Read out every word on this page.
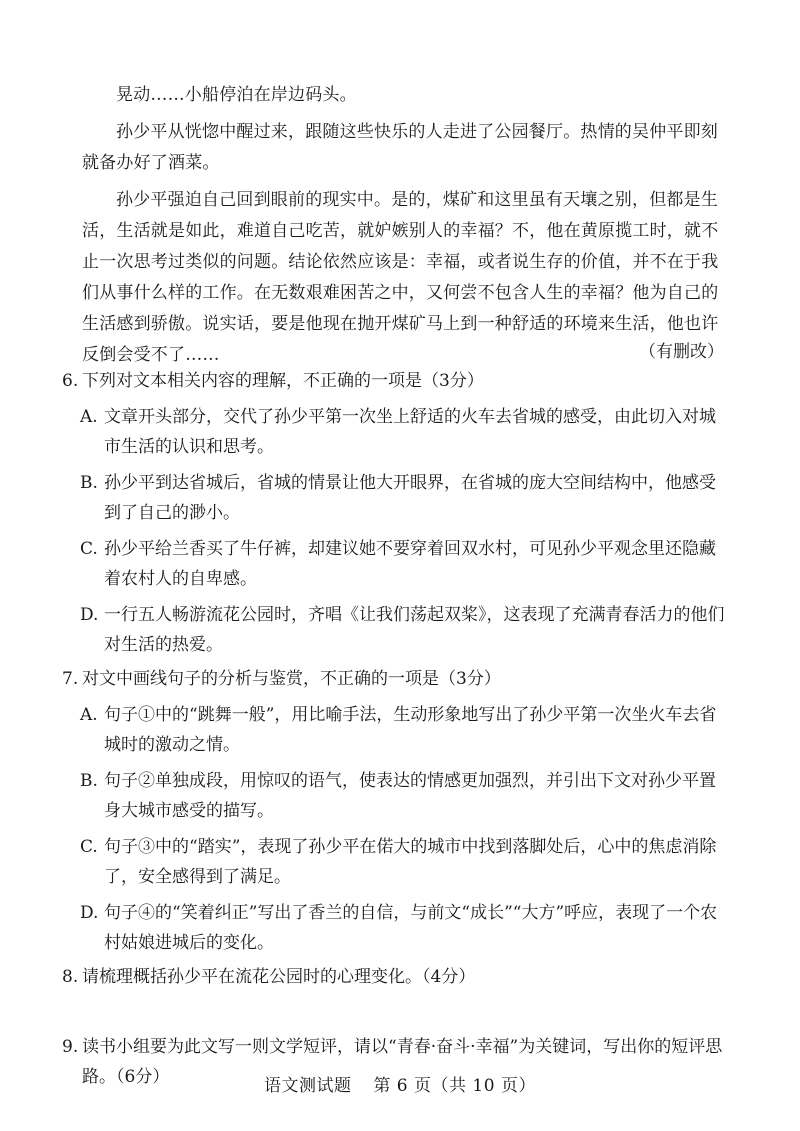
晃动……小船停泊在岸边码头。

孙少平从恍惚中醒过来，跟随这些快乐的人走进了公园餐厅。热情的吴仲平即刻就备办好了酒菜。

孙少平强迫自己回到眼前的现实中。是的，煤矿和这里虽有天壤之别，但都是生活，生活就是如此，难道自己吃苦，就妒嫉别人的幸福？不，他在黄原揽工时，就不止一次思考过类似的问题。结论依然应该是：幸福，或者说生存的价值，并不在于我们从事什么样的工作。在无数艰难困苦之中，又何尝不包含人生的幸福？他为自己的生活感到骄傲。说实话，要是他现在抛开煤矿马上到一种舒适的环境来生活，他也许反倒会受不了……	（有删改）
6. 下列对文本相关内容的理解，不正确的一项是（3分）
A. 文章开头部分，交代了孙少平第一次坐上舒适的火车去省城的感受，由此切入对城市生活的认识和思考。
B. 孙少平到达省城后，省城的情景让他大开眼界，在省城的庞大空间结构中，他感受到了自己的渺小。
C. 孙少平给兰香买了牛仔裤，却建议她不要穿着回双水村，可见孙少平观念里还隐藏着农村人的自卑感。
D. 一行五人畅游流花公园时，齐唱《让我们荡起双桨》，这表现了充满青春活力的他们对生活的热爱。
7. 对文中画线句子的分析与鉴赏，不正确的一项是（3分）
A. 句子①中的“跳舞一般”，用比喻手法，生动形象地写出了孙少平第一次坐火车去省城时的激动之情。
B. 句子②单独成段，用惊叹的语气，使表达的情感更加强烈，并引出下文对孙少平置身大城市感受的描写。
C. 句子③中的“踏实”，表现了孙少平在偌大的城市中找到落脚处后，心中的焦虑消除了，安全感得到了满足。
D. 句子④的“笑着纠正”写出了香兰的自信，与前文“成长”“大方”呼应，表现了一个农村姑娘进城后的变化。
8. 请梳理概括孙少平在流花公园时的心理变化。（4分）
9. 读书小组要为此文写一则文学短评，请以“青春·奋斗·幸福”为关键词，写出你的短评思路。（6分）	语文测试题 第 6 页（共 10 页）
